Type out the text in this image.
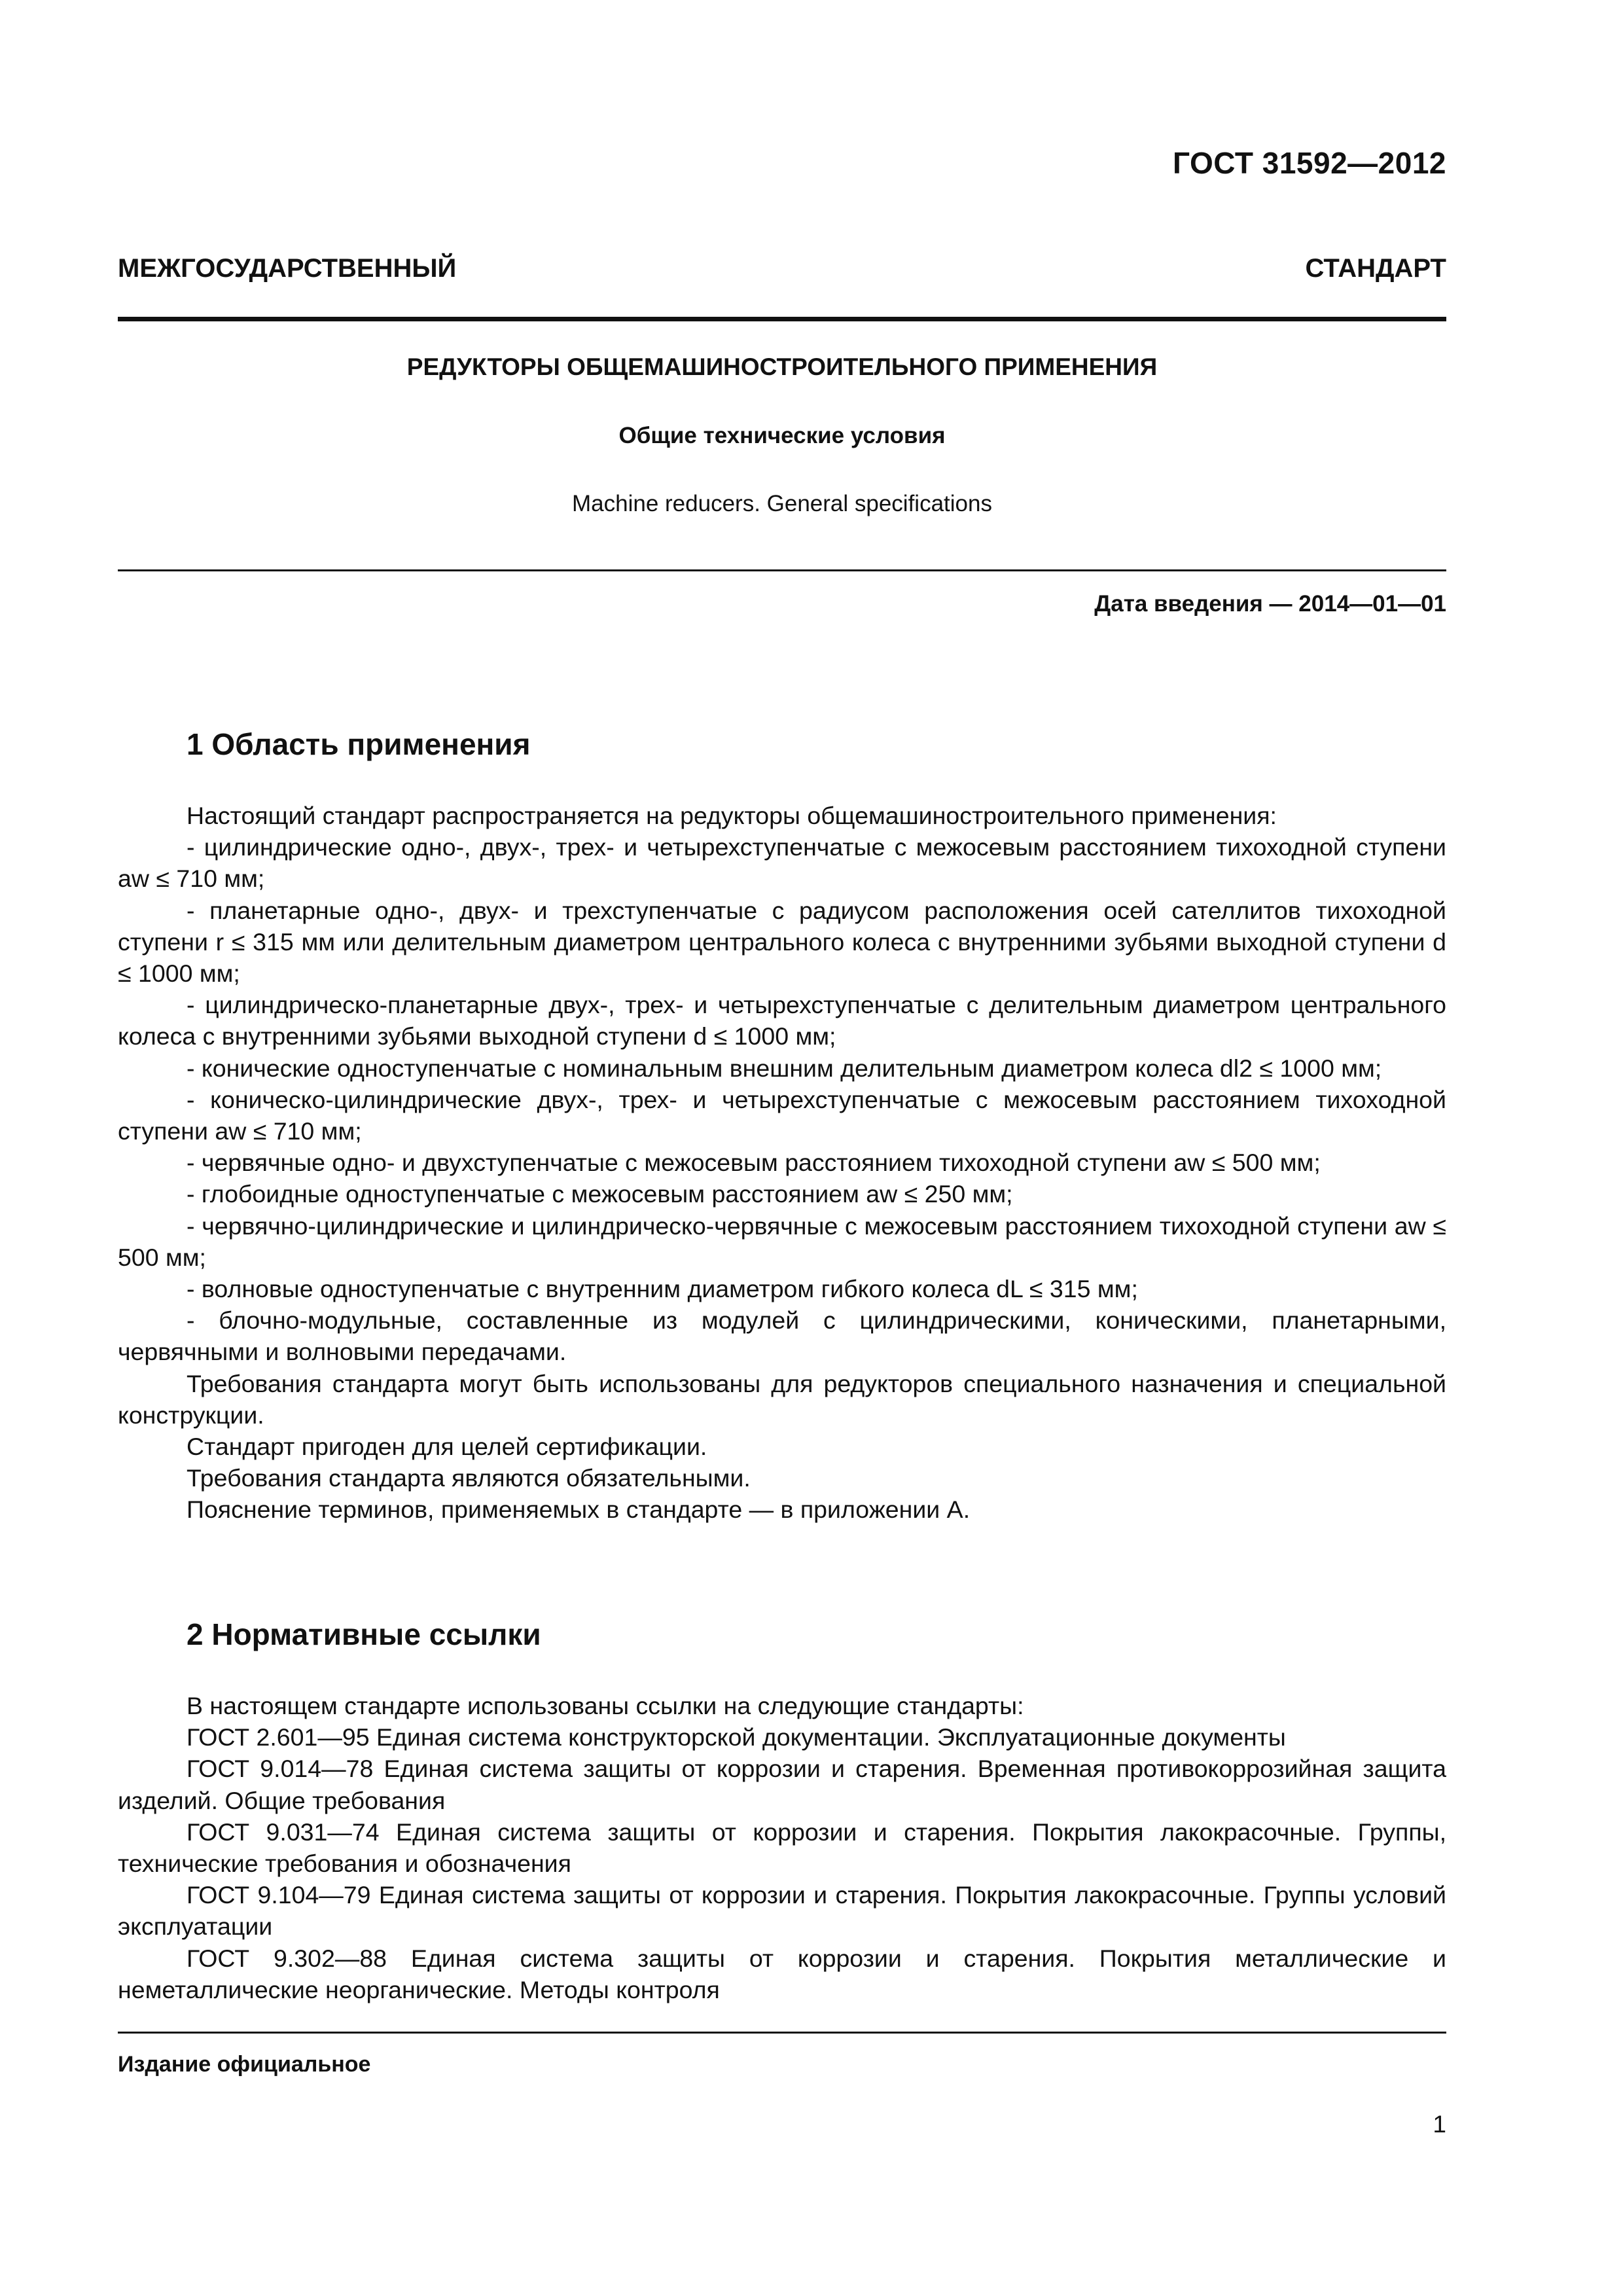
ГОСТ 31592—2012
МЕЖГОСУДАРСТВЕННЫЙ СТАНДАРТ
РЕДУКТОРЫ ОБЩЕМАШИНОСТРОИТЕЛЬНОГО ПРИМЕНЕНИЯ
Общие технические условия
Machine reducers. General specifications
Дата введения — 2014—01—01
1 Область применения

Настоящий стандарт распространяется на редукторы общемашиностроительного применения:

- цилиндрические одно-, двух-, трех- и четырехступенчатые с межосевым расстоянием тихоходной ступени aw ≤ 710 мм;

- планетарные одно-, двух- и трехступенчатые с радиусом расположения осей сателлитов тихоходной ступени r ≤ 315 мм или делительным диаметром центрального колеса с внутренними зубьями выходной ступени d ≤ 1000 мм;

- цилиндрическо-планетарные двух-, трех- и четырехступенчатые с делительным диаметром центрального колеса с внутренними зубьями выходной ступени d ≤ 1000 мм;

- конические одноступенчатые с номинальным внешним делительным диаметром колеса dl2 ≤ 1000 мм;

- коническо-цилиндрические двух-, трех- и четырехступенчатые с межосевым расстоянием тихоходной ступени aw ≤ 710 мм;

- червячные одно- и двухступенчатые с межосевым расстоянием тихоходной ступени aw ≤ 500 мм;

- глобоидные одноступенчатые с межосевым расстоянием aw ≤ 250 мм;

- червячно-цилиндрические и цилиндрическо-червячные с межосевым расстоянием тихоходной ступени aw ≤ 500 мм;

- волновые одноступенчатые с внутренним диаметром гибкого колеса dL ≤ 315 мм;

- блочно-модульные, составленные из модулей с цилиндрическими, коническими, планетарными, червячными и волновыми передачами.

Требования стандарта могут быть использованы для редукторов специального назначения и специальной конструкции.

Стандарт пригоден для целей сертификации.

Требования стандарта являются обязательными.

Пояснение терминов, применяемых в стандарте — в приложении А.

2 Нормативные ссылки

В настоящем стандарте использованы ссылки на следующие стандарты:

ГОСТ 2.601—95 Единая система конструкторской документации. Эксплуатационные документы

ГОСТ 9.014—78 Единая система защиты от коррозии и старения. Временная противокоррозийная защита изделий. Общие требования

ГОСТ 9.031—74 Единая система защиты от коррозии и старения. Покрытия лакокрасочные. Группы, технические требования и обозначения

ГОСТ 9.104—79 Единая система защиты от коррозии и старения. Покрытия лакокрасочные. Группы условий эксплуатации

ГОСТ 9.302—88 Единая система защиты от коррозии и старения. Покрытия металлические и неметаллические неорганические. Методы контроля

Издание официальное
1
